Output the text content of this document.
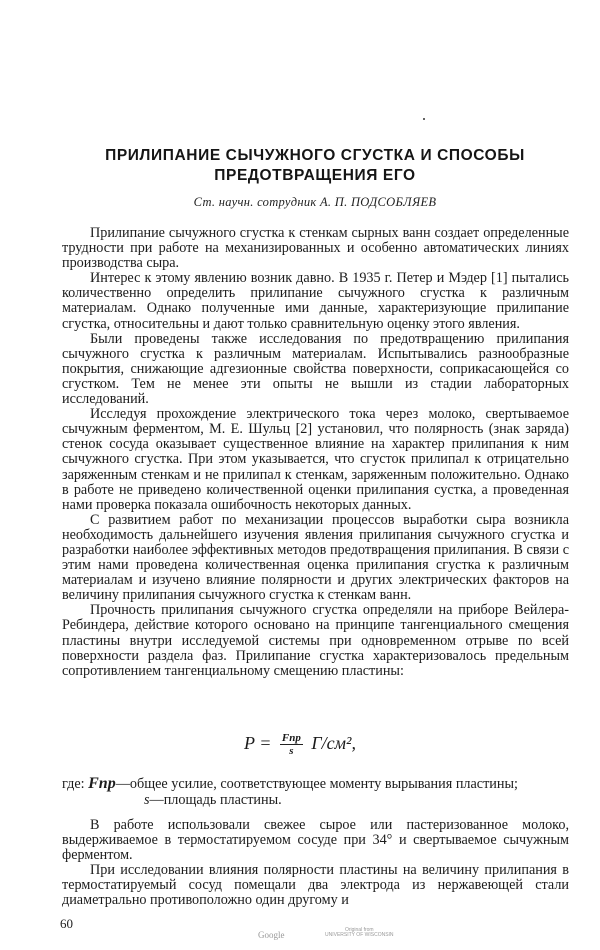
ПРИЛИПАНИЕ СЫЧУЖНОГО СГУСТКА И СПОСОБЫ
ПРЕДОТВРАЩЕНИЯ ЕГО
Ст. научн. сотрудник А. П. ПОДСОБЛЯЕВ

Прилипание сычужного сгустка к стенкам сырных ванн создает определенные трудности при работе на механизированных и особенно автоматических линиях производства сыра.

Интерес к этому явлению возник давно. В 1935 г. Петер и Мэдер [1] пытались количественно определить прилипание сычужного сгустка к различным материалам. Однако полученные ими данные, характеризующие прилипание сгустка, относительны и дают только сравнительную оценку этого явления.

Были проведены также исследования по предотвращению прилипания сычужного сгустка к различным материалам. Испытывались разнообразные покрытия, снижающие адгезионные свойства поверхности, соприкасающейся со сгустком. Тем не менее эти опыты не вышли из стадии лабораторных исследований.

Исследуя прохождение электрического тока через молоко, свертываемое сычужным ферментом, М. Е. Шульц [2] установил, что полярность (знак заряда) стенок сосуда оказывает существенное влияние на характер прилипания к ним сычужного сгустка. При этом указывается, что сгусток прилипал к отрицательно заряженным стенкам и не прилипал к стенкам, заряженным положительно. Однако в работе не приведено количественной оценки прилипания сустка, а проведенная нами проверка показала ошибочность некоторых данных.

С развитием работ по механизации процессов выработки сыра возникла необходимость дальнейшего изучения явления прилипания сычужного сгустка и разработки наиболее эффективных методов предотвращения прилипания. В связи с этим нами проведена количественная оценка прилипания сгустка к различным материалам и изучено влияние полярности и других электрических факторов на величину прилипания сычужного сгустка к стенкам ванн.

Прочность прилипания сычужного сгустка определяли на приборе Вейлера-Ребиндера, действие которого основано на принципе тангенциального смещения пластины внутри исследуемой системы при одновременном отрыве по всей поверхности раздела фаз. Прилипание сгустка характеризовалось предельным сопротивлением тангенциальному смещению пластины:

$P = \frac{\text{Fпр}}{s} Г/см^2$,
где: Fпр—общее усилие, соответствующее моменту вырывания пластины;
s—площадь пластины.

В работе использовали свежее сырое или пастеризованное молоко, выдерживаемое в термостатируемом сосуде при 34° и свертываемое сычужным ферментом.

При исследовании влияния полярности пластины на величину прилипания в термостатируемый сосуд помещали два электрода из нержавеющей стали диаметрально противоположно один другому и

60
Google	Original from
UNIVERSITY OF WISCONSIN
